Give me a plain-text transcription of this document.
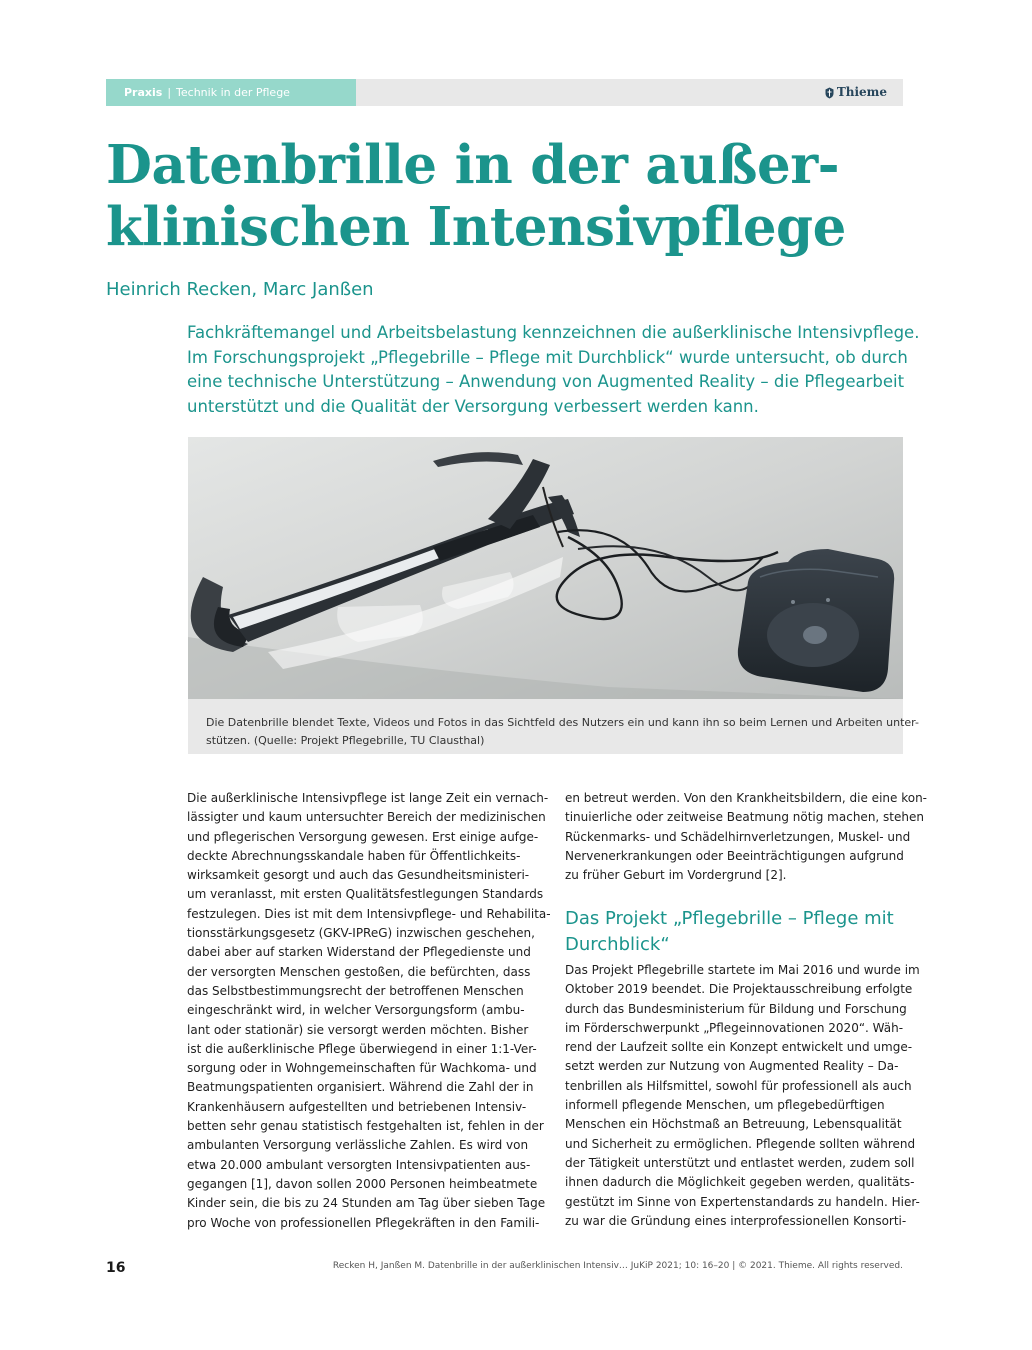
Praxis | Technik in der Pflege	Thieme
Datenbrille in der außer-
klinischen Intensivpflege
Heinrich Recken, Marc Janßen
Fachkräftemangel und Arbeitsbelastung kennzeichnen die außerklinische Intensivpflege.
Im Forschungsprojekt „Pflegebrille – Pflege mit Durchblick“ wurde untersucht, ob durch
eine technische Unterstützung – Anwendung von Augmented Reality – die Pflegearbeit
unterstützt und die Qualität der Versorgung verbessert werden kann.
Die Datenbrille blendet Texte, Videos und Fotos in das Sichtfeld des Nutzers ein und kann ihn so beim Lernen und Arbeiten unter-
stützen. (Quelle: Projekt Pflegebrille, TU Clausthal)
Die außerklinische Intensivpflege ist lange Zeit ein vernach-
lässigter und kaum untersuchter Bereich der medizinischen
und pflegerischen Versorgung gewesen. Erst einige aufge-
deckte Abrechnungsskandale haben für Öffentlichkeits-
wirksamkeit gesorgt und auch das Gesundheitsministeri-
um veranlasst, mit ersten Qualitätsfestlegungen Standards
festzulegen. Dies ist mit dem Intensivpflege- und Rehabilita-
tionsstärkungsgesetz (GKV-IPReG) inzwischen geschehen,
dabei aber auf starken Widerstand der Pflegedienste und
der versorgten Menschen gestoßen, die befürchten, dass
das Selbstbestimmungsrecht der betroffenen Menschen
eingeschränkt wird, in welcher Versorgungsform (ambu-
lant oder stationär) sie versorgt werden möchten. Bisher
ist die außerklinische Pflege überwiegend in einer 1:1-Ver-
sorgung oder in Wohngemeinschaften für Wachkoma- und
Beatmungspatienten organisiert. Während die Zahl der in
Krankenhäusern aufgestellten und betriebenen Intensiv-
betten sehr genau statistisch festgehalten ist, fehlen in der
ambulanten Versorgung verlässliche Zahlen. Es wird von
etwa 20.000 ambulant versorgten Intensivpatienten aus-
gegangen [1], davon sollen 2000 Personen heimbeatmete
Kinder sein, die bis zu 24 Stunden am Tag über sieben Tage
pro Woche von professionellen Pflegekräften in den Famili-
en betreut werden. Von den Krankheitsbildern, die eine kon-
tinuierliche oder zeitweise Beatmung nötig machen, stehen
Rückenmarks- und Schädelhirnverletzungen, Muskel- und
Nervenerkrankungen oder Beeinträchtigungen aufgrund
zu früher Geburt im Vordergrund [2].
Das Projekt „Pflegebrille – Pflege mit
Durchblick“
Das Projekt Pflegebrille startete im Mai 2016 und wurde im
Oktober 2019 beendet. Die Projektausschreibung erfolgte
durch das Bundesministerium für Bildung und Forschung
im Förderschwerpunkt „Pflegeinnovationen 2020“. Wäh-
rend der Laufzeit sollte ein Konzept entwickelt und umge-
setzt werden zur Nutzung von Augmented Reality – Da-
tenbrillen als Hilfsmittel, sowohl für professionell als auch
informell pflegende Menschen, um pflegebedürftigen
Menschen ein Höchstmaß an Betreuung, Lebensqualität
und Sicherheit zu ermöglichen. Pflegende sollten während
der Tätigkeit unterstützt und entlastet werden, zudem soll
ihnen dadurch die Möglichkeit gegeben werden, qualitäts-
gestützt im Sinne von Expertenstandards zu handeln. Hier-
zu war die Gründung eines interprofessionellen Konsorti-
16	Recken H, Janßen M. Datenbrille in der außerklinischen Intensiv… JuKiP 2021; 10: 16–20 | © 2021. Thieme. All rights reserved.
